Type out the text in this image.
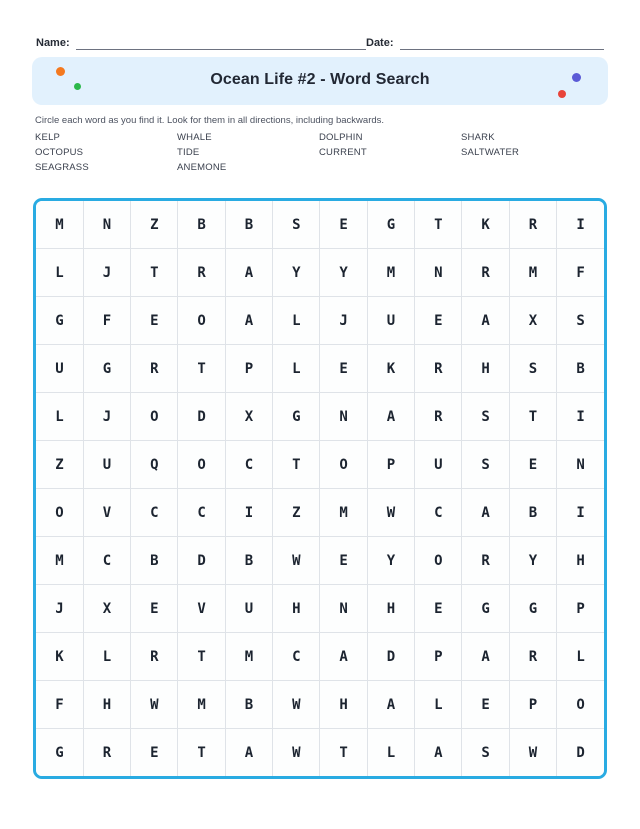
Name:	Date:
Ocean Life #2 - Word Search
Circle each word as you find it. Look for them in all directions, including backwards.
KELP	WHALE	DOLPHIN	SHARK
OCTOPUS	TIDE	CURRENT	SALTWATER
SEAGRASS	ANEMONE
M	N	Z	B	B	S	E	G	T	K	R	I
L	J	T	R	A	Y	Y	M	N	R	M	F
G	F	E	O	A	L	J	U	E	A	X	S
U	G	R	T	P	L	E	K	R	H	S	B
L	J	O	D	X	G	N	A	R	S	T	I
Z	U	Q	O	C	T	O	P	U	S	E	N
O	V	C	C	I	Z	M	W	C	A	B	I
M	C	B	D	B	W	E	Y	O	R	Y	H
J	X	E	V	U	H	N	H	E	G	G	P
K	L	R	T	M	C	A	D	P	A	R	L
F	H	W	M	B	W	H	A	L	E	P	O
G	R	E	T	A	W	T	L	A	S	W	D
